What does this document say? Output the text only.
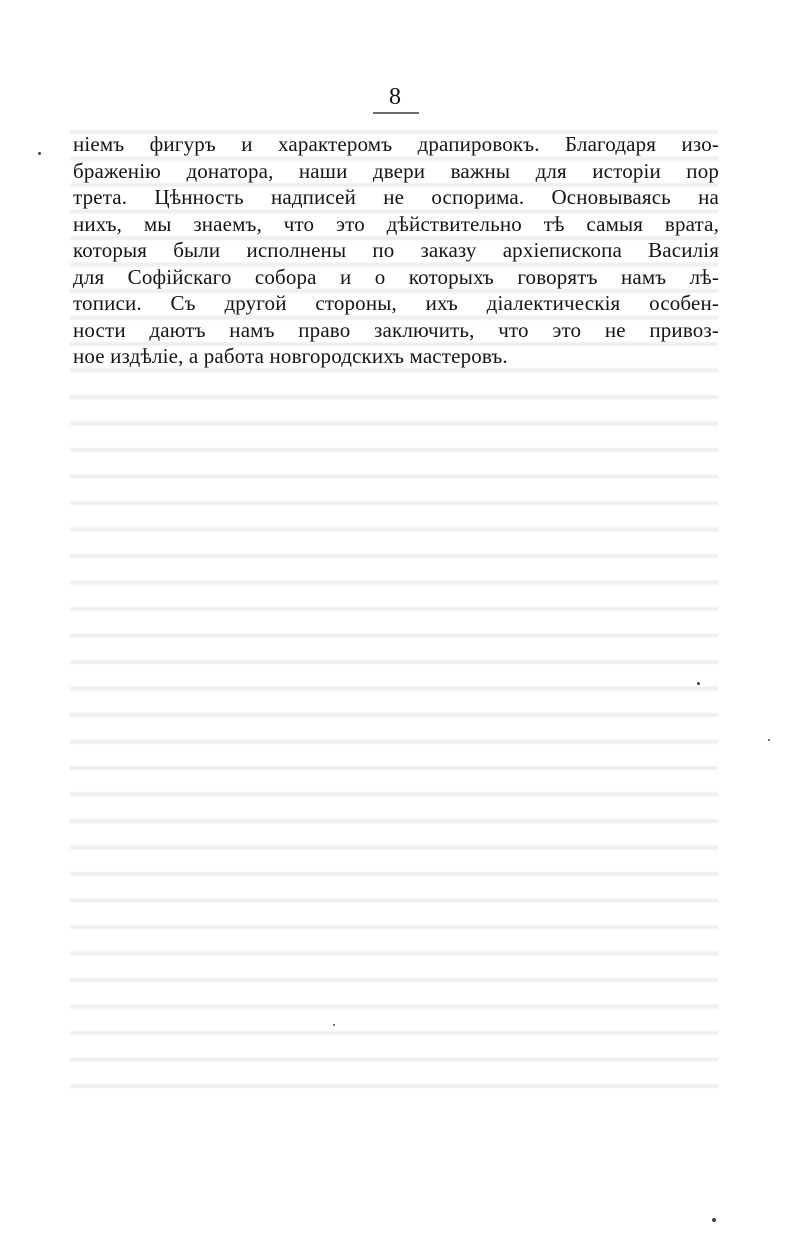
8
ніемъ фигуръ и характеромъ драпировокъ. Благодаря изо-
браженію донатора, наши двери важны для исторіи пор
трета. Цѣнность надписей не оспорима. Основываясь на
нихъ, мы знаемъ, что это дѣйствительно тѣ самыя врата,
которыя были исполнены по заказу архіепископа Василія
для Софійскаго собора и о которыхъ говорятъ намъ лѣ-
тописи. Съ другой стороны, ихъ діалектическія особен-
ности даютъ намъ право заключить, что это не привоз-
ное издѣліе, а работа новгородскихъ мастеровъ.
